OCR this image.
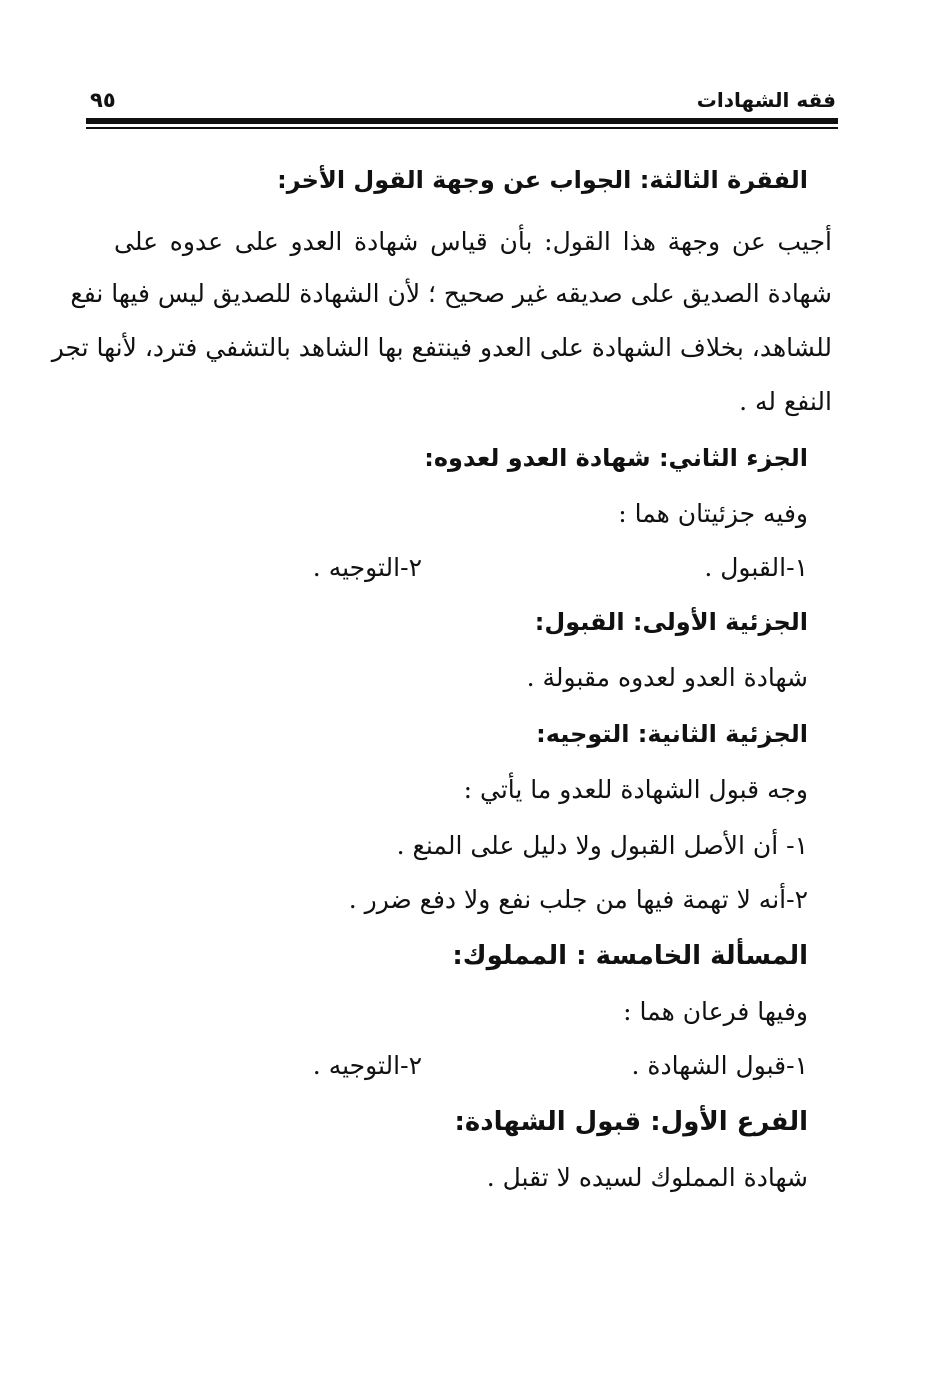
فقه الشهادات
٩٥
الفقرة الثالثة: الجواب عن وجهة القول الأخر:
أجيب عن وجهة هذا القول: بأن قياس شهادة العدو على عدوه على
شهادة الصديق على صديقه غير صحيح ؛ لأن الشهادة للصديق ليس فيها نفع
للشاهد، بخلاف الشهادة على العدو فينتفع بها الشاهد بالتشفي فترد، لأنها تجر
النفع له .
الجزء الثاني: شهادة العدو لعدوه:
وفيه جزئيتان هما :
١-القبول .
٢-التوجيه .
الجزئية الأولى: القبول:
شهادة العدو لعدوه مقبولة .
الجزئية الثانية: التوجيه:
وجه قبول الشهادة للعدو ما يأتي :
١- أن الأصل القبول ولا دليل على المنع .
٢-أنه لا تهمة فيها من جلب نفع ولا دفع ضرر .
المسألة الخامسة : المملوك:
وفيها فرعان هما :
١-قبول الشهادة .
٢-التوجيه .
الفرع الأول: قبول الشهادة:
شهادة المملوك لسيده لا تقبل .
